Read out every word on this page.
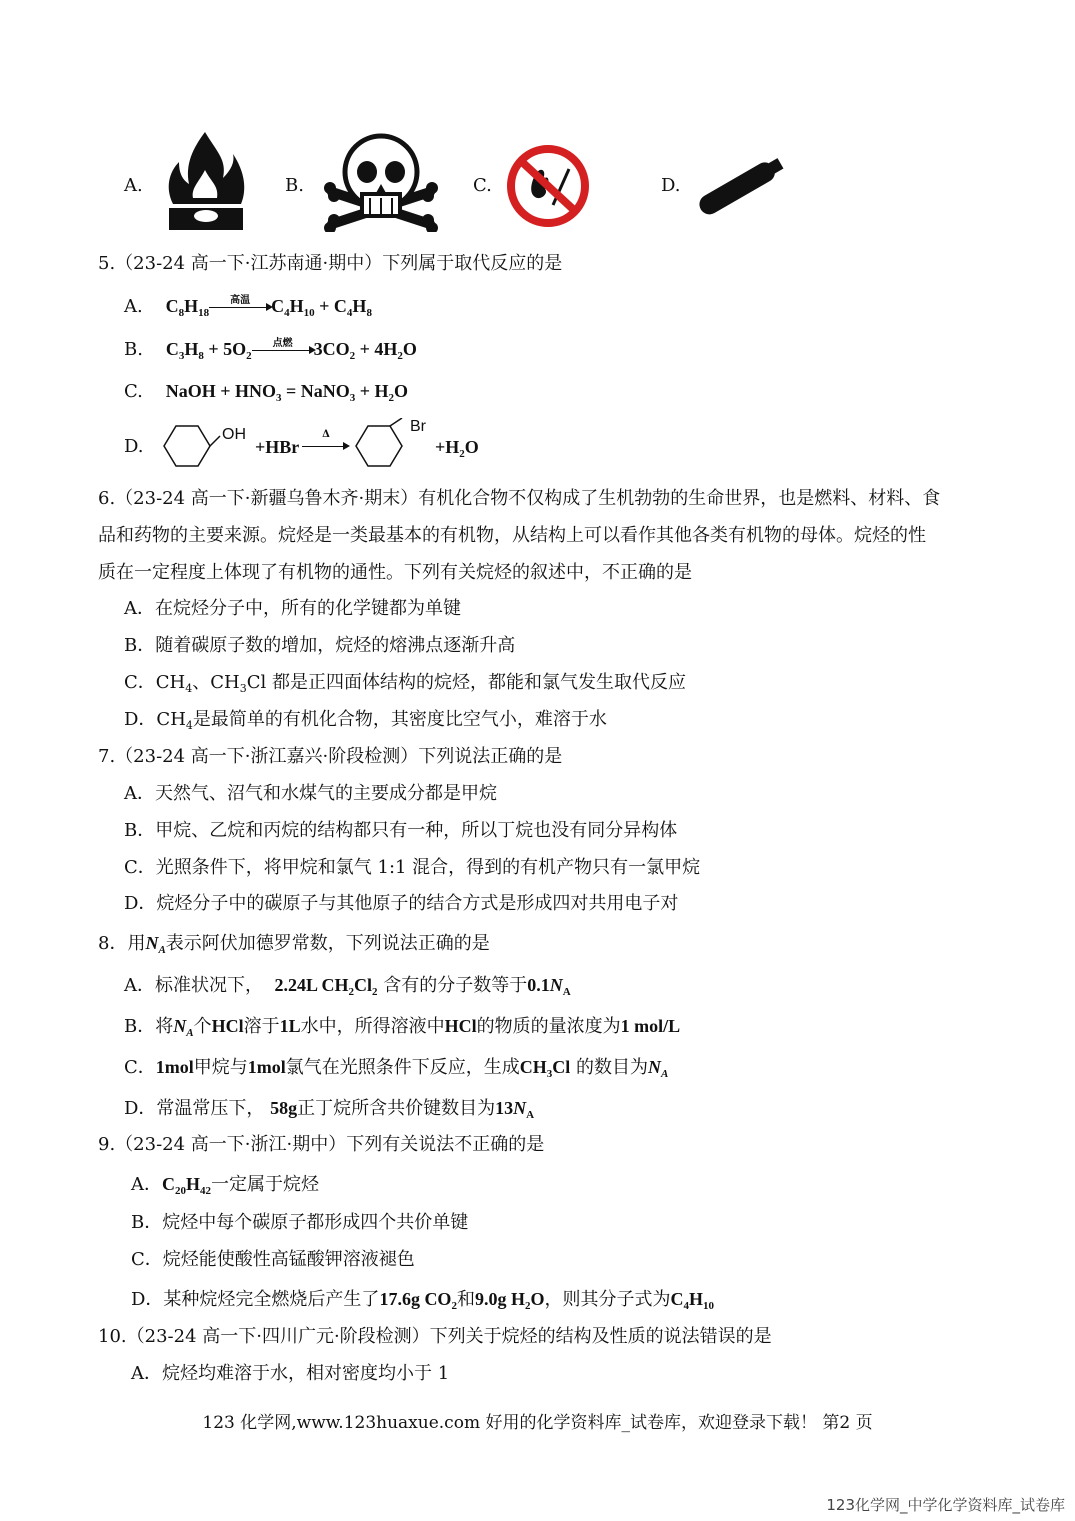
A.	B.	C.	D.
5.（23-24 高一下·江苏南通·期中）下列属于取代反应的是
A. $C_8H_{18}$
高温	$C_4H_{10} + C_4H_8$
B. $C_3H_8 + 5O_2$
点燃	$3CO_2 + 4H_2O$
C. NaOH + $HNO_3$ = NaNO$_3$ + $H_2O$
D.
OH
+HBr
Δ	Br
$+H_2O$
6.（23-24 高一下·新疆乌鲁木齐·期末）有机化合物不仅构成了生机勃勃的生命世界，也是燃料、材料、食
品和药物的主要来源。烷烃是一类最基本的有机物，从结构上可以看作其他各类有机物的母体。烷烃的性
质在一定程度上体现了有机物的通性。下列有关烷烃的叙述中，不正确的是
A．在烷烃分子中，所有的化学键都为单键
B．随着碳原子数的增加，烷烃的熔沸点逐渐升高
C．$CH_4$、$CH_3Cl$ 都是正四面体结构的烷烃，都能和氯气发生取代反应
D．$CH_4$是最简单的有机化合物，其密度比空气小，难溶于水
7.（23-24 高一下·浙江嘉兴·阶段检测）下列说法正确的是
A．天然气、沼气和水煤气的主要成分都是甲烷
B．甲烷、乙烷和丙烷的结构都只有一种，所以丁烷也没有同分异构体
C．光照条件下，将甲烷和氯气 1:1 混合，得到的有机产物只有一氯甲烷
D．烷烃分子中的碳原子与其他原子的结合方式是形成四对共用电子对
8．用$N_A$表示阿伏加德罗常数，下列说法正确的是
A．标准状况下， 2.24L $CH_2Cl_2$ 含有的分子数等于$0.1N_A$
B．将$N_A$个HCl溶于1L水中，所得溶液中HCl的物质的量浓度为1 mol/L
C．1mol甲烷与1mol氯气在光照条件下反应，生成$CH_3Cl$ 的数目为$N_A$
D．常温常压下， 58g正丁烷所含共价键数目为$13N_A$
9.（23-24 高一下·浙江·期中）下列有关说法不正确的是
A．$C_{20}H_{42}$一定属于烷烃
B．烷烃中每个碳原子都形成四个共价单键
C．烷烃能使酸性高锰酸钾溶液褪色
D．某种烷烃完全燃烧后产生了17.6g $CO_2$和9.0g $H_2O$，则其分子式为$C_4H_{10}$
10.（23-24 高一下·四川广元·阶段检测）下列关于烷烃的结构及性质的说法错误的是
A．烷烃均难溶于水，相对密度均小于 1
123 化学网,www.123huaxue.com 好用的化学资料库_试卷库，欢迎登录下载！ 第2 页
123化学网_中学化学资料库_试卷库
